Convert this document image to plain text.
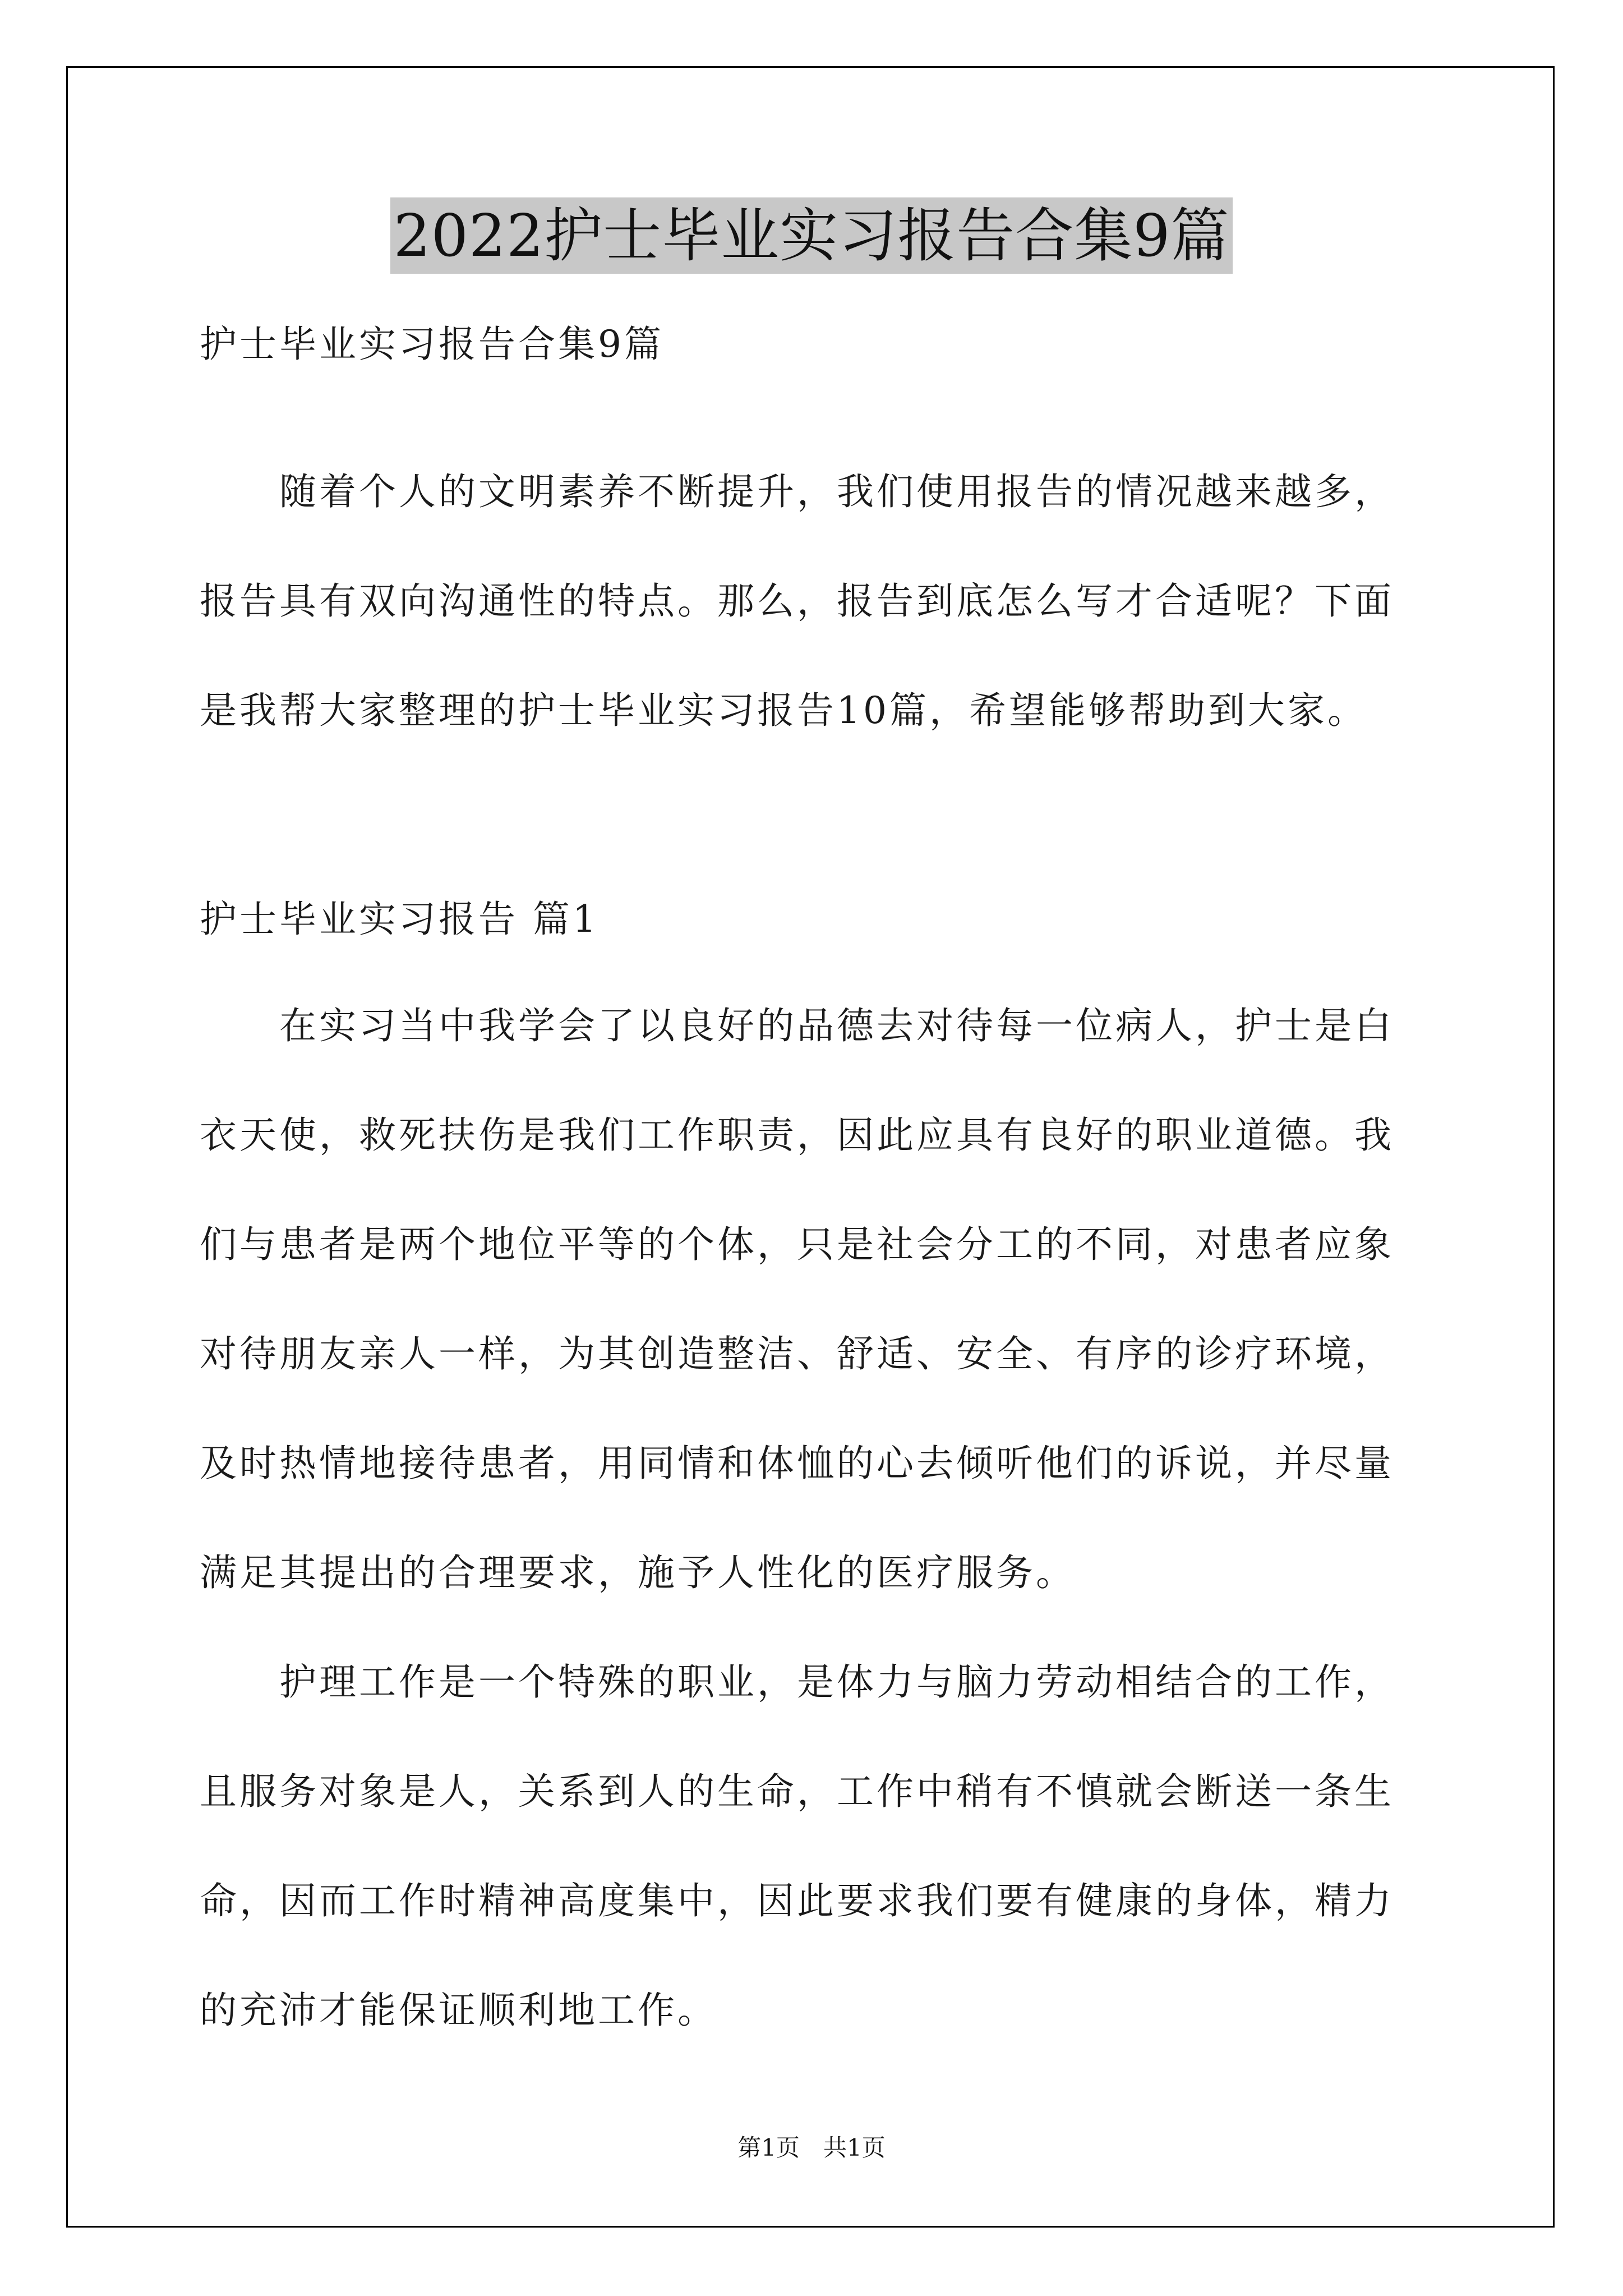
2022护士毕业实习报告合集9篇

护士毕业实习报告合集9篇

　　随着个人的文明素养不断提升，我们使用报告的情况越来越多，

报告具有双向沟通性的特点。那么，报告到底怎么写才合适呢？下面

是我帮大家整理的护士毕业实习报告10篇，希望能够帮助到大家。

护士毕业实习报告 篇1

　　在实习当中我学会了以良好的品德去对待每一位病人，护士是白

衣天使，救死扶伤是我们工作职责，因此应具有良好的职业道德。我

们与患者是两个地位平等的个体，只是社会分工的不同，对患者应象

对待朋友亲人一样，为其创造整洁、舒适、安全、有序的诊疗环境，

及时热情地接待患者，用同情和体恤的心去倾听他们的诉说，并尽量

满足其提出的合理要求，施予人性化的医疗服务。

　　护理工作是一个特殊的职业，是体力与脑力劳动相结合的工作，

且服务对象是人，关系到人的生命，工作中稍有不慎就会断送一条生

命，因而工作时精神高度集中，因此要求我们要有健康的身体，精力

的充沛才能保证顺利地工作。

第1页　共1页
